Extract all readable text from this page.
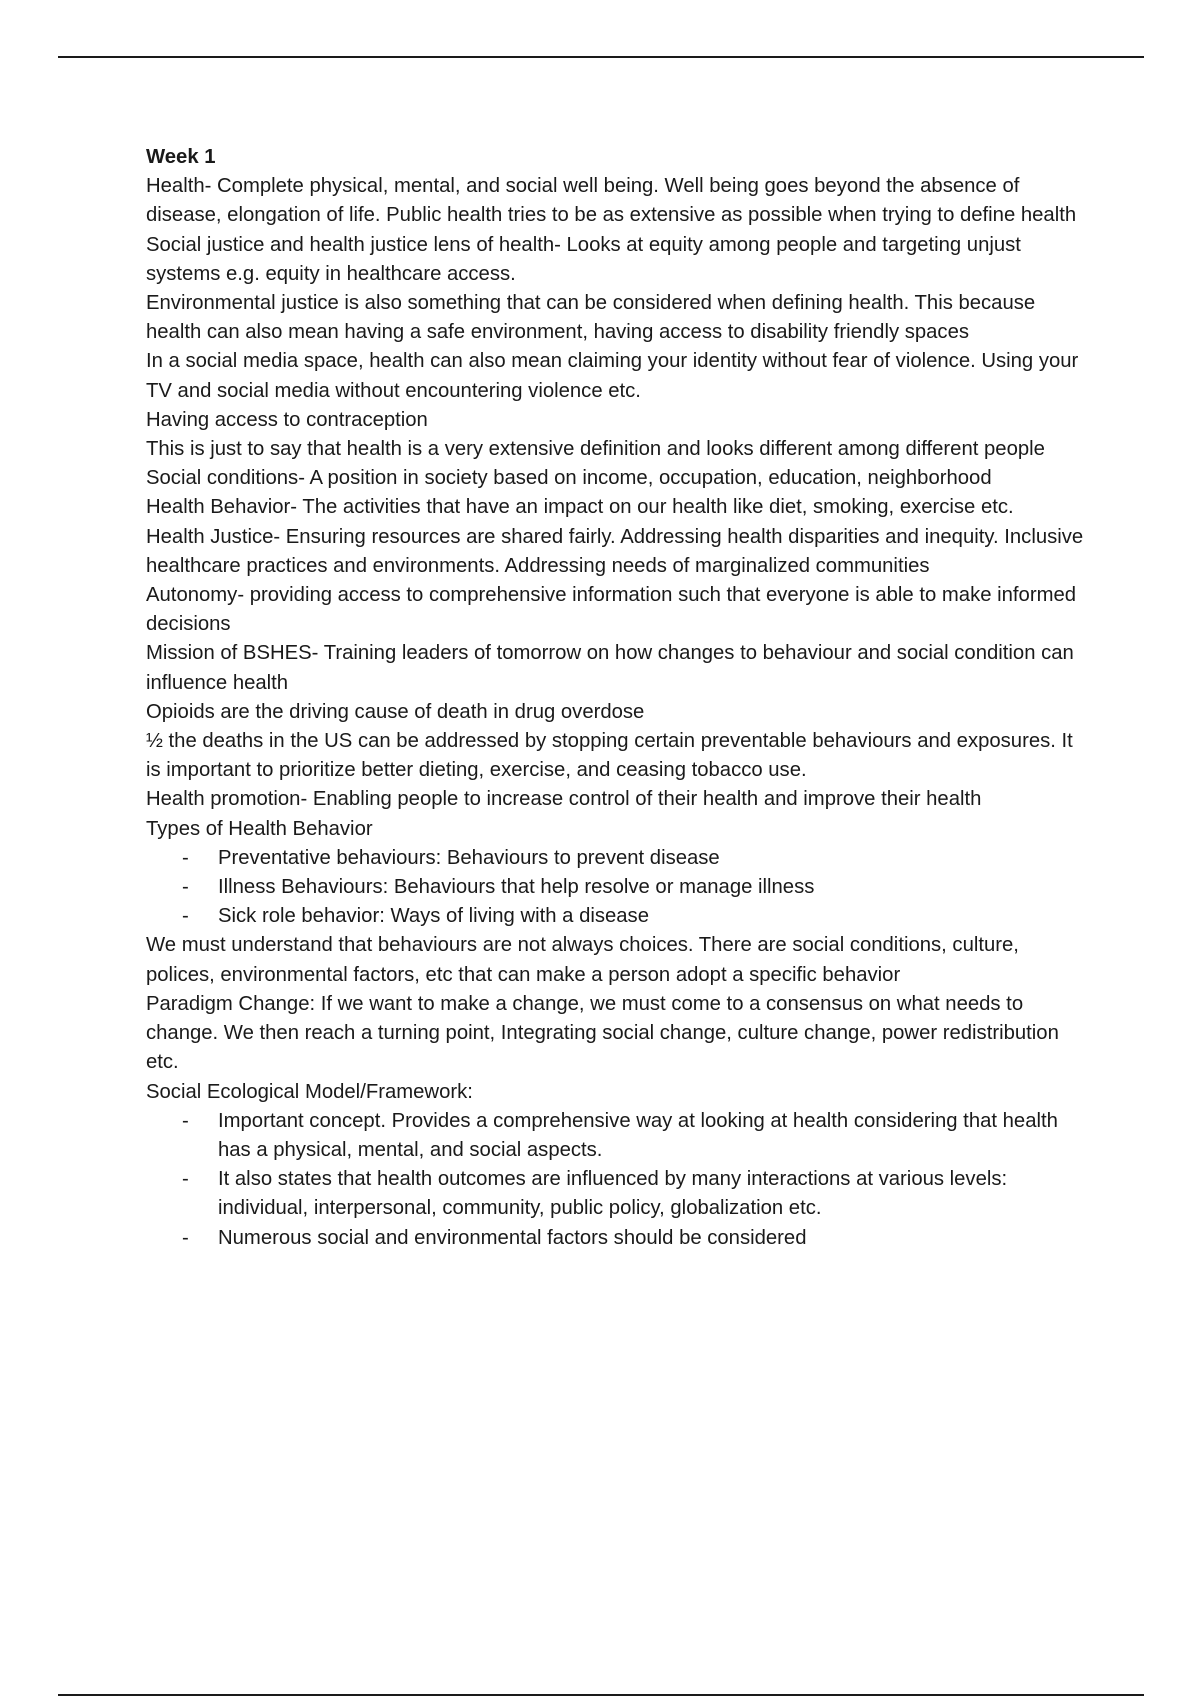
Week 1

Health- Complete physical, mental, and social well being. Well being goes beyond the absence of disease, elongation of life. Public health tries to be as extensive as possible when trying to define health

Social justice and health justice lens of health- Looks at equity among people and targeting unjust systems e.g. equity in healthcare access.

Environmental justice is also something that can be considered when defining health. This because health can also mean having a safe environment, having access to disability friendly spaces

In a social media space, health can also mean claiming your identity without fear of violence. Using your TV and social media without encountering violence etc.

Having access to contraception

This is just to say that health is a very extensive definition and looks different among different people

Social conditions- A position in society based on income, occupation, education, neighborhood

Health Behavior- The activities that have an impact on our health like diet, smoking, exercise etc.

Health Justice- Ensuring resources are shared fairly. Addressing health disparities and inequity. Inclusive healthcare practices and environments. Addressing needs of marginalized communities

Autonomy- providing access to comprehensive information such that everyone is able to make informed decisions

Mission of BSHES- Training leaders of tomorrow on how changes to behaviour and social condition can influence health

Opioids are the driving cause of death in drug overdose

½ the deaths in the US can be addressed by stopping certain preventable behaviours and exposures. It is important to prioritize better dieting, exercise, and ceasing tobacco use.

Health promotion- Enabling people to increase control of their health and improve their health

Types of Health Behavior

- Preventative behaviours: Behaviours to prevent disease
- Illness Behaviours: Behaviours that help resolve or manage illness
- Sick role behavior: Ways of living with a disease

We must understand that behaviours are not always choices. There are social conditions, culture, polices, environmental factors, etc that can make a person adopt a specific behavior

Paradigm Change: If we want to make a change, we must come to a consensus on what needs to change. We then reach a turning point, Integrating social change, culture change, power redistribution etc.

Social Ecological Model/Framework:

- Important concept. Provides a comprehensive way at looking at health considering that health has a physical, mental, and social aspects.
- It also states that health outcomes are influenced by many interactions at various levels: individual, interpersonal, community, public policy, globalization etc.
- Numerous social and environmental factors should be considered
